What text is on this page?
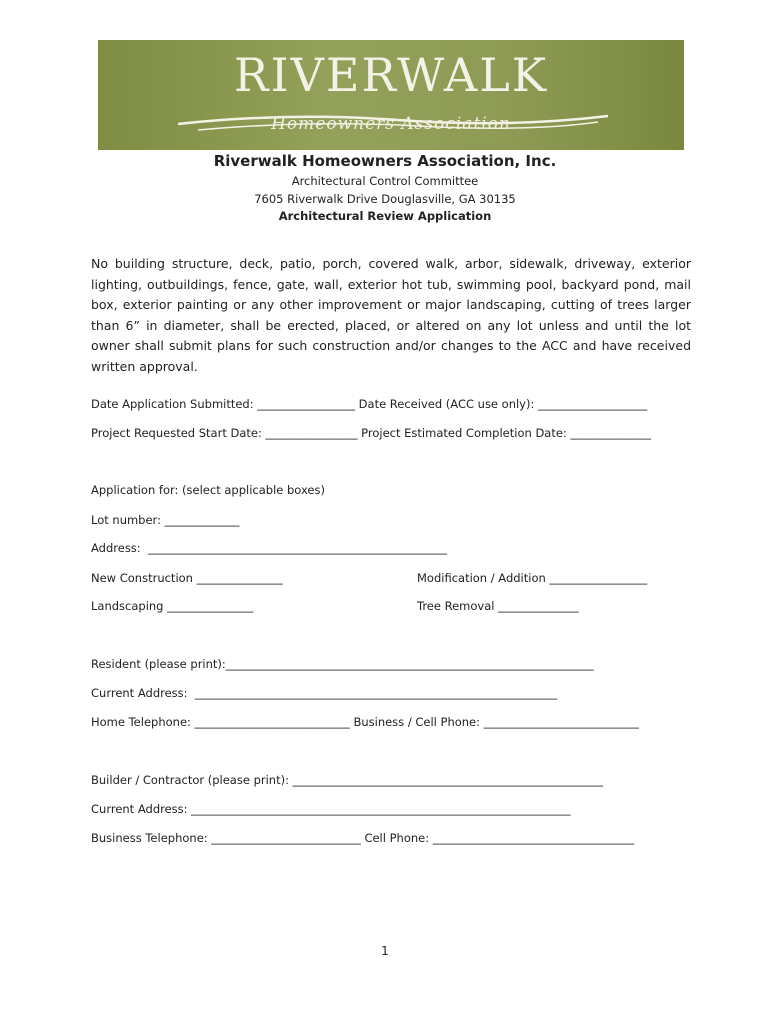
RIVERWALK
Homeowners Association
Riverwalk Homeowners Association, Inc.
Architectural Control Committee
7605 Riverwalk Drive Douglasville, GA 30135
Architectural Review Application
No building structure, deck, patio, porch, covered walk, arbor, sidewalk, driveway, exterior lighting, outbuildings, fence, gate, wall, exterior hot tub, swimming pool, backyard pond, mail box, exterior painting or any other improvement or major landscaping, cutting of trees larger than 6” in diameter, shall be erected, placed, or altered on any lot unless and until the lot owner shall submit plans for such construction and/or changes to the ACC and have received written approval.
Date Application Submitted: _________________ Date Received (ACC use only): ___________________
Project Requested Start Date: ________________ Project Estimated Completion Date: ______________
Application for: (select applicable boxes)
Lot number: _____________
Address:  ____________________________________________________
New Construction _______________	Modification / Addition _________________
Landscaping _______________	Tree Removal ______________
Resident (please print):________________________________________________________________
Current Address:  _______________________________________________________________
Home Telephone: ___________________________ Business / Cell Phone: ___________________________
Builder / Contractor (please print): ______________________________________________________
Current Address: __________________________________________________________________
Business Telephone: __________________________ Cell Phone: ___________________________________
1
